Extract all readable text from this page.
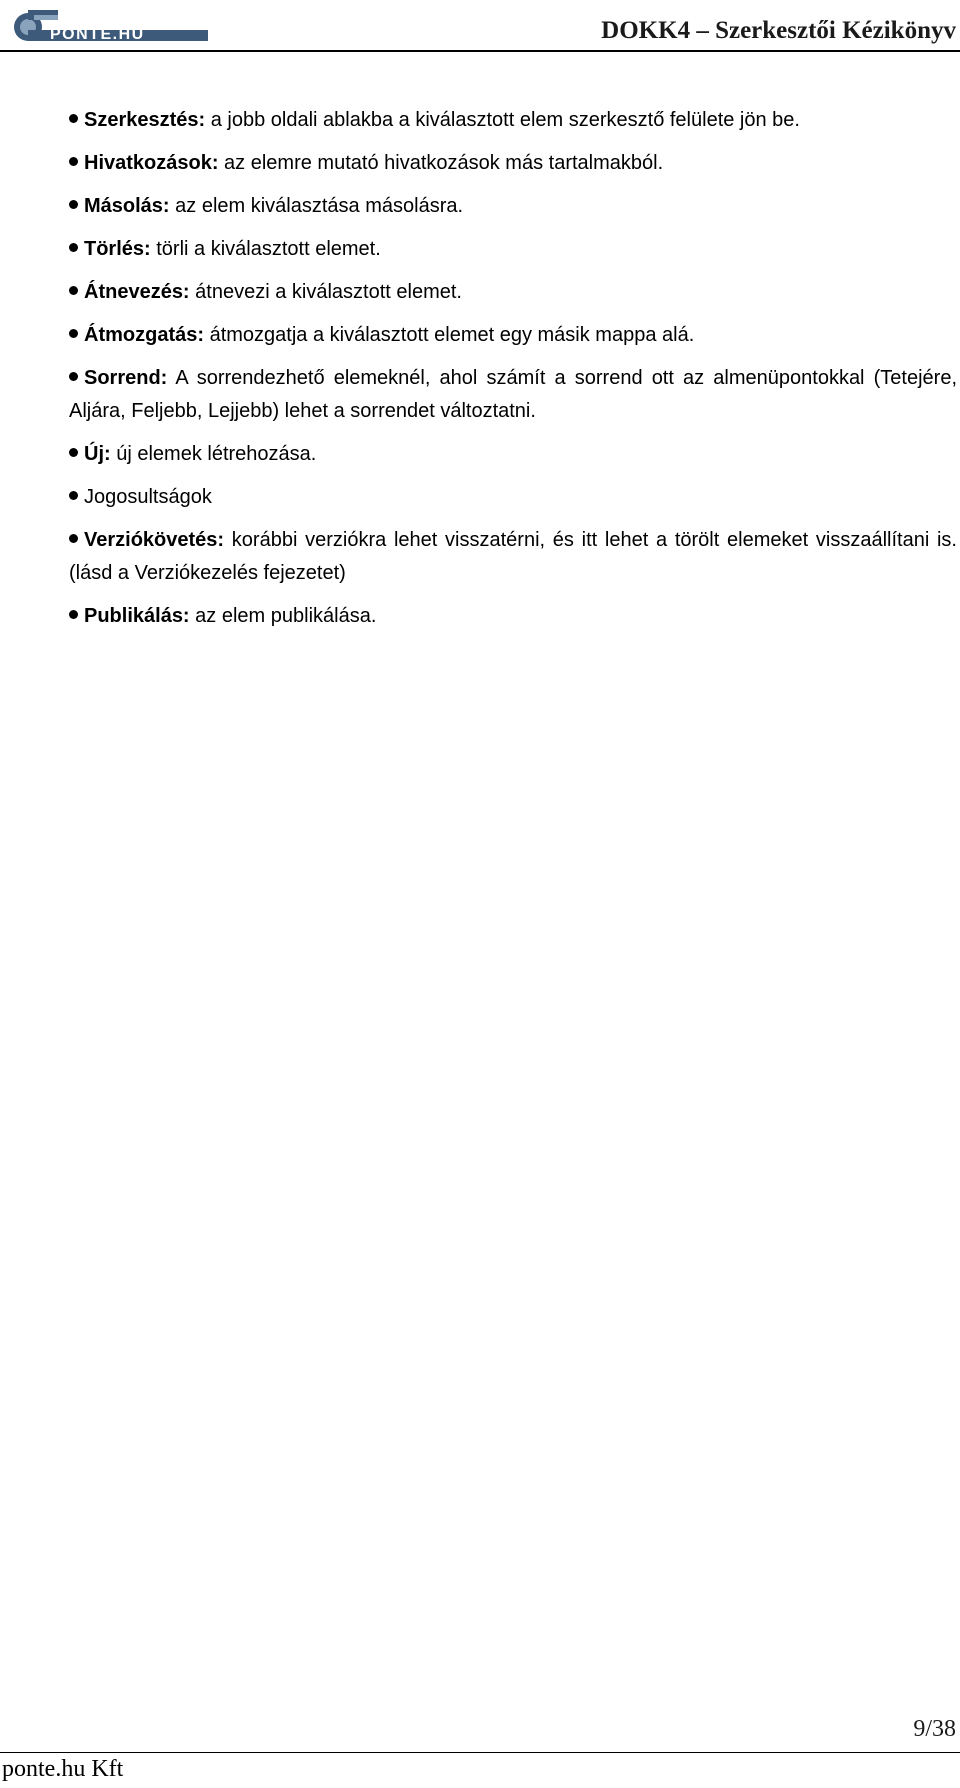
PONTE.HU	DOKK4 – Szerkesztői Kézikönyv
Szerkesztés: a jobb oldali ablakba a kiválasztott elem szerkesztő felülete jön be.
Hivatkozások: az elemre mutató hivatkozások más tartalmakból.
Másolás: az elem kiválasztása másolásra.
Törlés: törli a kiválasztott elemet.
Átnevezés: átnevezi a kiválasztott elemet.
Átmozgatás: átmozgatja a kiválasztott elemet egy másik mappa alá.
Sorrend: A sorrendezhető elemeknél, ahol számít a sorrend ott az almenüpontokkal (Tetejére, Aljára, Feljebb, Lejjebb) lehet a sorrendet változtatni.
Új: új elemek létrehozása.
Jogosultságok
Verziókövetés: korábbi verziókra lehet visszatérni, és itt lehet a törölt elemeket visszaállítani is. (lásd a Verziókezelés fejezetet)
Publikálás: az elem publikálása.
9/38
ponte.hu Kft
